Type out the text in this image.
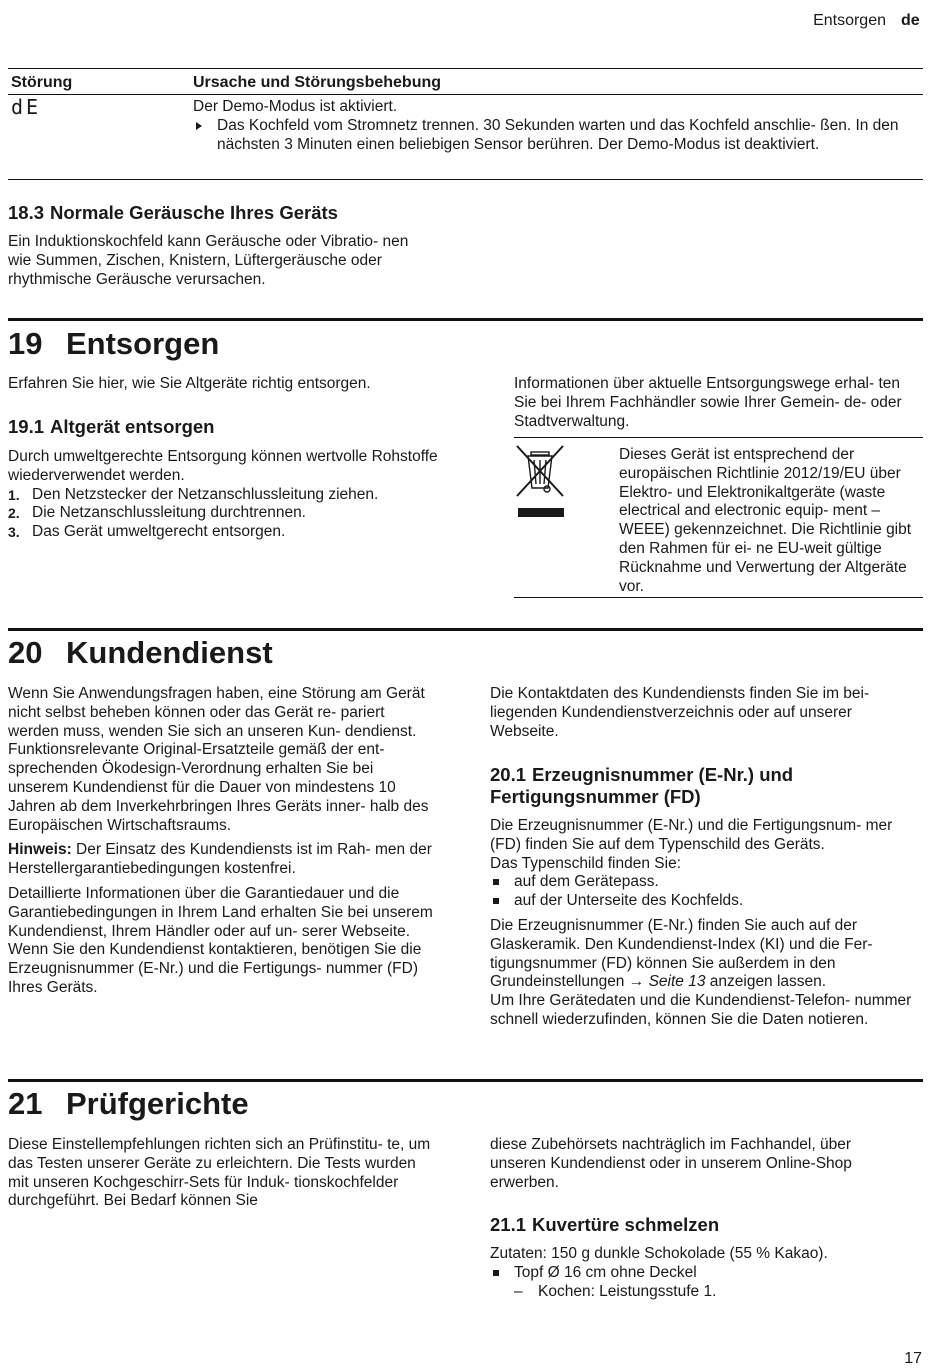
Entsorgen de
Störung	Ursache und Störungsbehebung
dE	Der Demo-Modus ist aktiviert.

Das Kochfeld vom Stromnetz trennen. 30 Sekunden warten und das Kochfeld anschlie- ßen. In den nächsten 3 Minuten einen beliebigen Sensor berühren. Der Demo-Modus ist deaktiviert.
18.3 Normale Geräusche Ihres Geräts

Ein Induktionskochfeld kann Geräusche oder Vibratio- nen wie Summen, Zischen, Knistern, Lüftergeräusche oder rhythmische Geräusche verursachen.

19 Entsorgen

Erfahren Sie hier, wie Sie Altgeräte richtig entsorgen.

19.1 Altgerät entsorgen

Durch umweltgerechte Entsorgung können wertvolle Rohstoffe wiederverwendet werden.

1. Den Netzstecker der Netzanschlussleitung ziehen.
2. Die Netzanschlussleitung durchtrennen.
3. Das Gerät umweltgerecht entsorgen.

Informationen über aktuelle Entsorgungswege erhal- ten Sie bei Ihrem Fachhändler sowie Ihrer Gemein- de- oder Stadtverwaltung.

Dieses Gerät ist entsprechend der europäischen Richtlinie 2012/19/EU über Elektro- und Elektronikaltgeräte (waste electrical and electronic equip- ment – WEEE) gekennzeichnet. Die Richtlinie gibt den Rahmen für ei- ne EU-weit gültige Rücknahme und Verwertung der Altgeräte vor.

20 Kundendienst

Wenn Sie Anwendungsfragen haben, eine Störung am Gerät nicht selbst beheben können oder das Gerät re- pariert werden muss, wenden Sie sich an unseren Kun- dendienst.

Funktionsrelevante Original-Ersatzteile gemäß der ent- sprechenden Ökodesign-Verordnung erhalten Sie bei unserem Kundendienst für die Dauer von mindestens 10 Jahren ab dem Inverkehrbringen Ihres Geräts inner- halb des Europäischen Wirtschaftsraums.

Hinweis: Der Einsatz des Kundendiensts ist im Rah- men der Herstellergarantiebedingungen kostenfrei.

Detaillierte Informationen über die Garantiedauer und die Garantiebedingungen in Ihrem Land erhalten Sie bei unserem Kundendienst, Ihrem Händler oder auf un- serer Webseite.

Wenn Sie den Kundendienst kontaktieren, benötigen Sie die Erzeugnisnummer (E-Nr.) und die Fertigungs- nummer (FD) Ihres Geräts.

Die Kontaktdaten des Kundendiensts finden Sie im bei- liegenden Kundendienstverzeichnis oder auf unserer Webseite.

20.1 Erzeugnisnummer (E-Nr.) und Fertigungsnummer (FD)

Die Erzeugnisnummer (E-Nr.) und die Fertigungsnum- mer (FD) finden Sie auf dem Typenschild des Geräts.

Das Typenschild finden Sie:

auf dem Gerätepass.
auf der Unterseite des Kochfelds.

Die Erzeugnisnummer (E-Nr.) finden Sie auch auf der Glaskeramik. Den Kundendienst-Index (KI) und die Fer- tigungsnummer (FD) können Sie außerdem in den Grundeinstellungen → Seite 13 anzeigen lassen.

Um Ihre Gerätedaten und die Kundendienst-Telefon- nummer schnell wiederzufinden, können Sie die Daten notieren.

21 Prüfgerichte

Diese Einstellempfehlungen richten sich an Prüfinstitu- te, um das Testen unserer Geräte zu erleichtern. Die Tests wurden mit unseren Kochgeschirr-Sets für Induk- tionskochfelder durchgeführt. Bei Bedarf können Sie

diese Zubehörsets nachträglich im Fachhandel, über unseren Kundendienst oder in unserem Online-Shop erwerben.

21.1 Kuvertüre schmelzen

Zutaten: 150 g dunkle Schokolade (55 % Kakao).

Topf Ø 16 cm ohne Deckel
– Kochen: Leistungsstufe 1.
17
